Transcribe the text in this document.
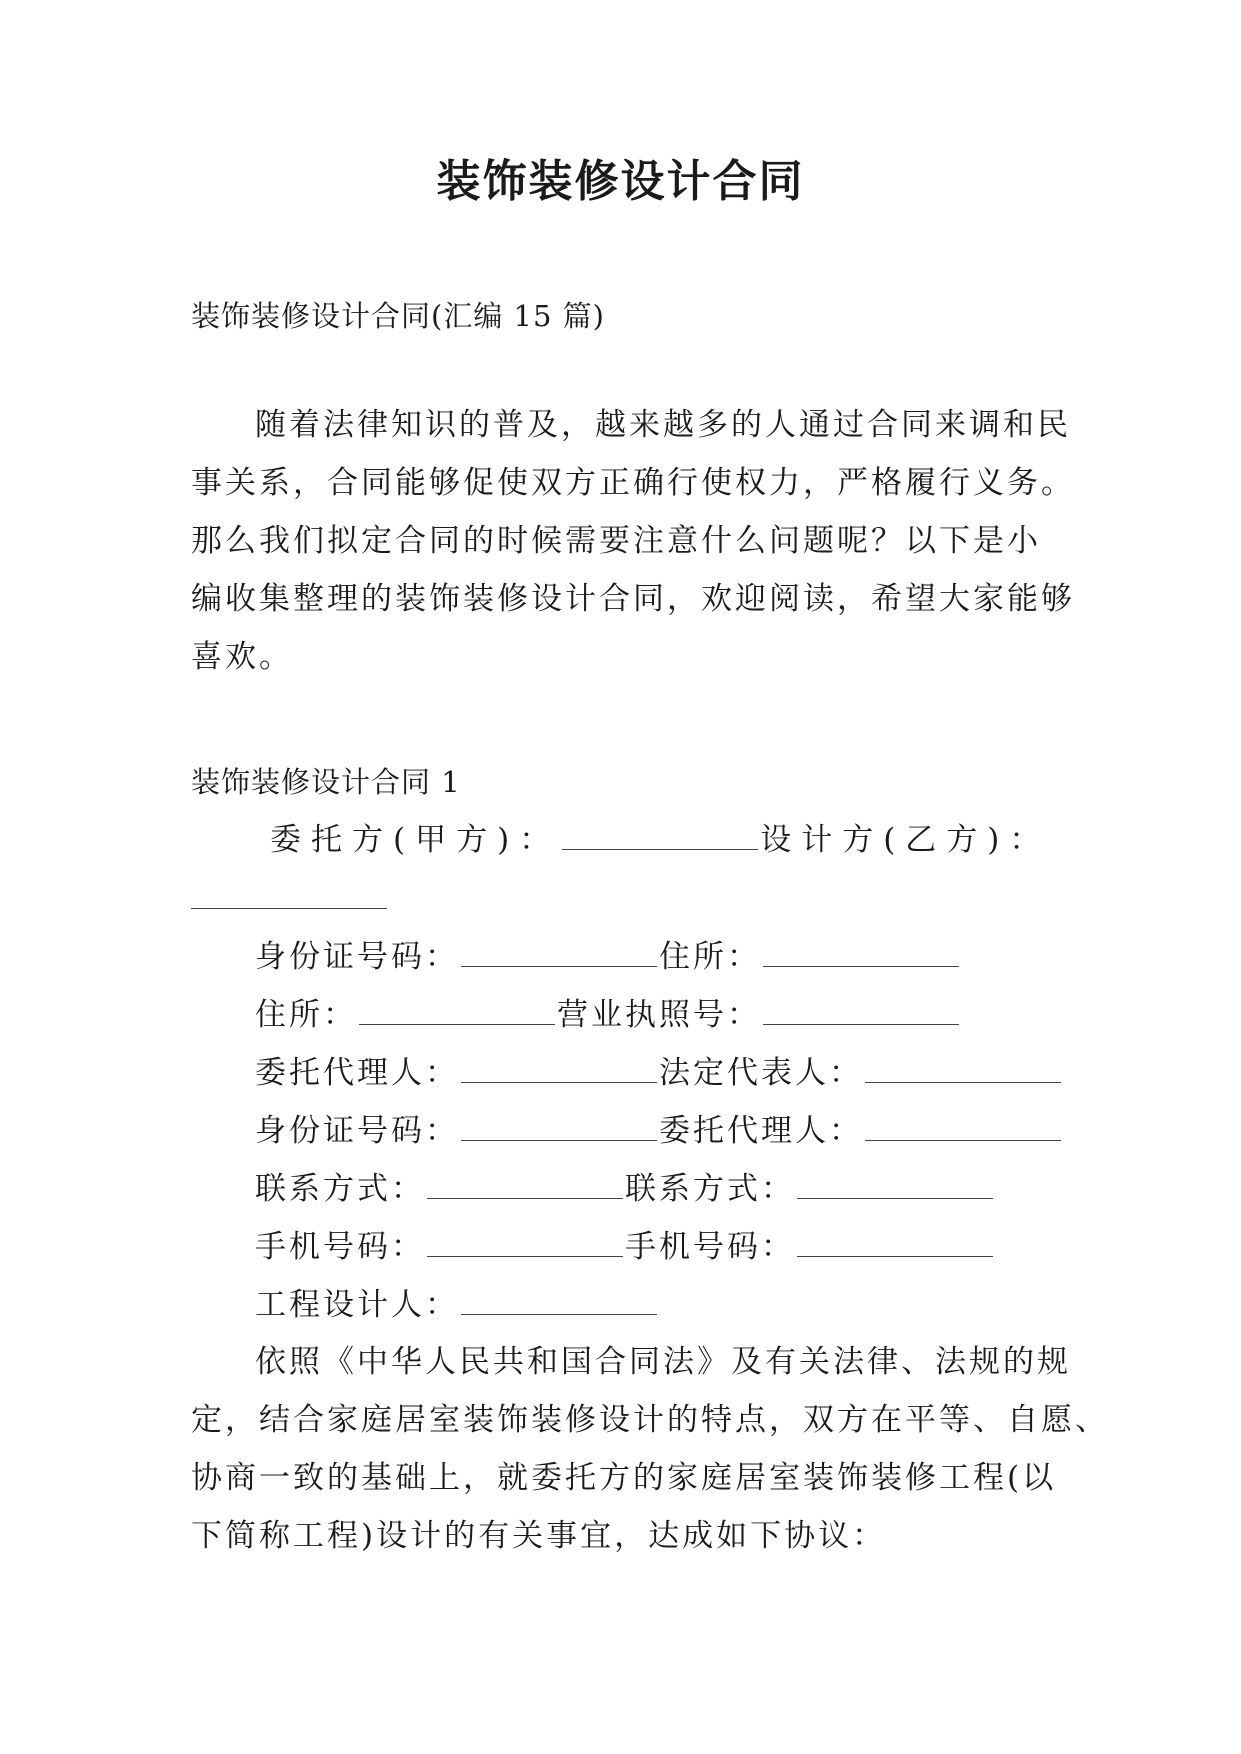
装饰装修设计合同
装饰装修设计合同(汇编 15 篇)
随着法律知识的普及，越来越多的人通过合同来调和民
事关系，合同能够促使双方正确行使权力，严格履行义务。
那么我们拟定合同的时候需要注意什么问题呢？以下是小
编收集整理的装饰装修设计合同，欢迎阅读，希望大家能够
喜欢。
装饰装修设计合同 1
委托方(甲方)：	设计方(乙方)：
身份证号码：	住所：
住所：	营业执照号：
委托代理人：	法定代表人：
身份证号码：	委托代理人：
联系方式：	联系方式：
手机号码：	手机号码：
工程设计人：
依照《中华人民共和国合同法》及有关法律、法规的规
定，结合家庭居室装饰装修设计的特点，双方在平等、自愿、
协商一致的基础上，就委托方的家庭居室装饰装修工程(以
下简称工程)设计的有关事宜，达成如下协议：
